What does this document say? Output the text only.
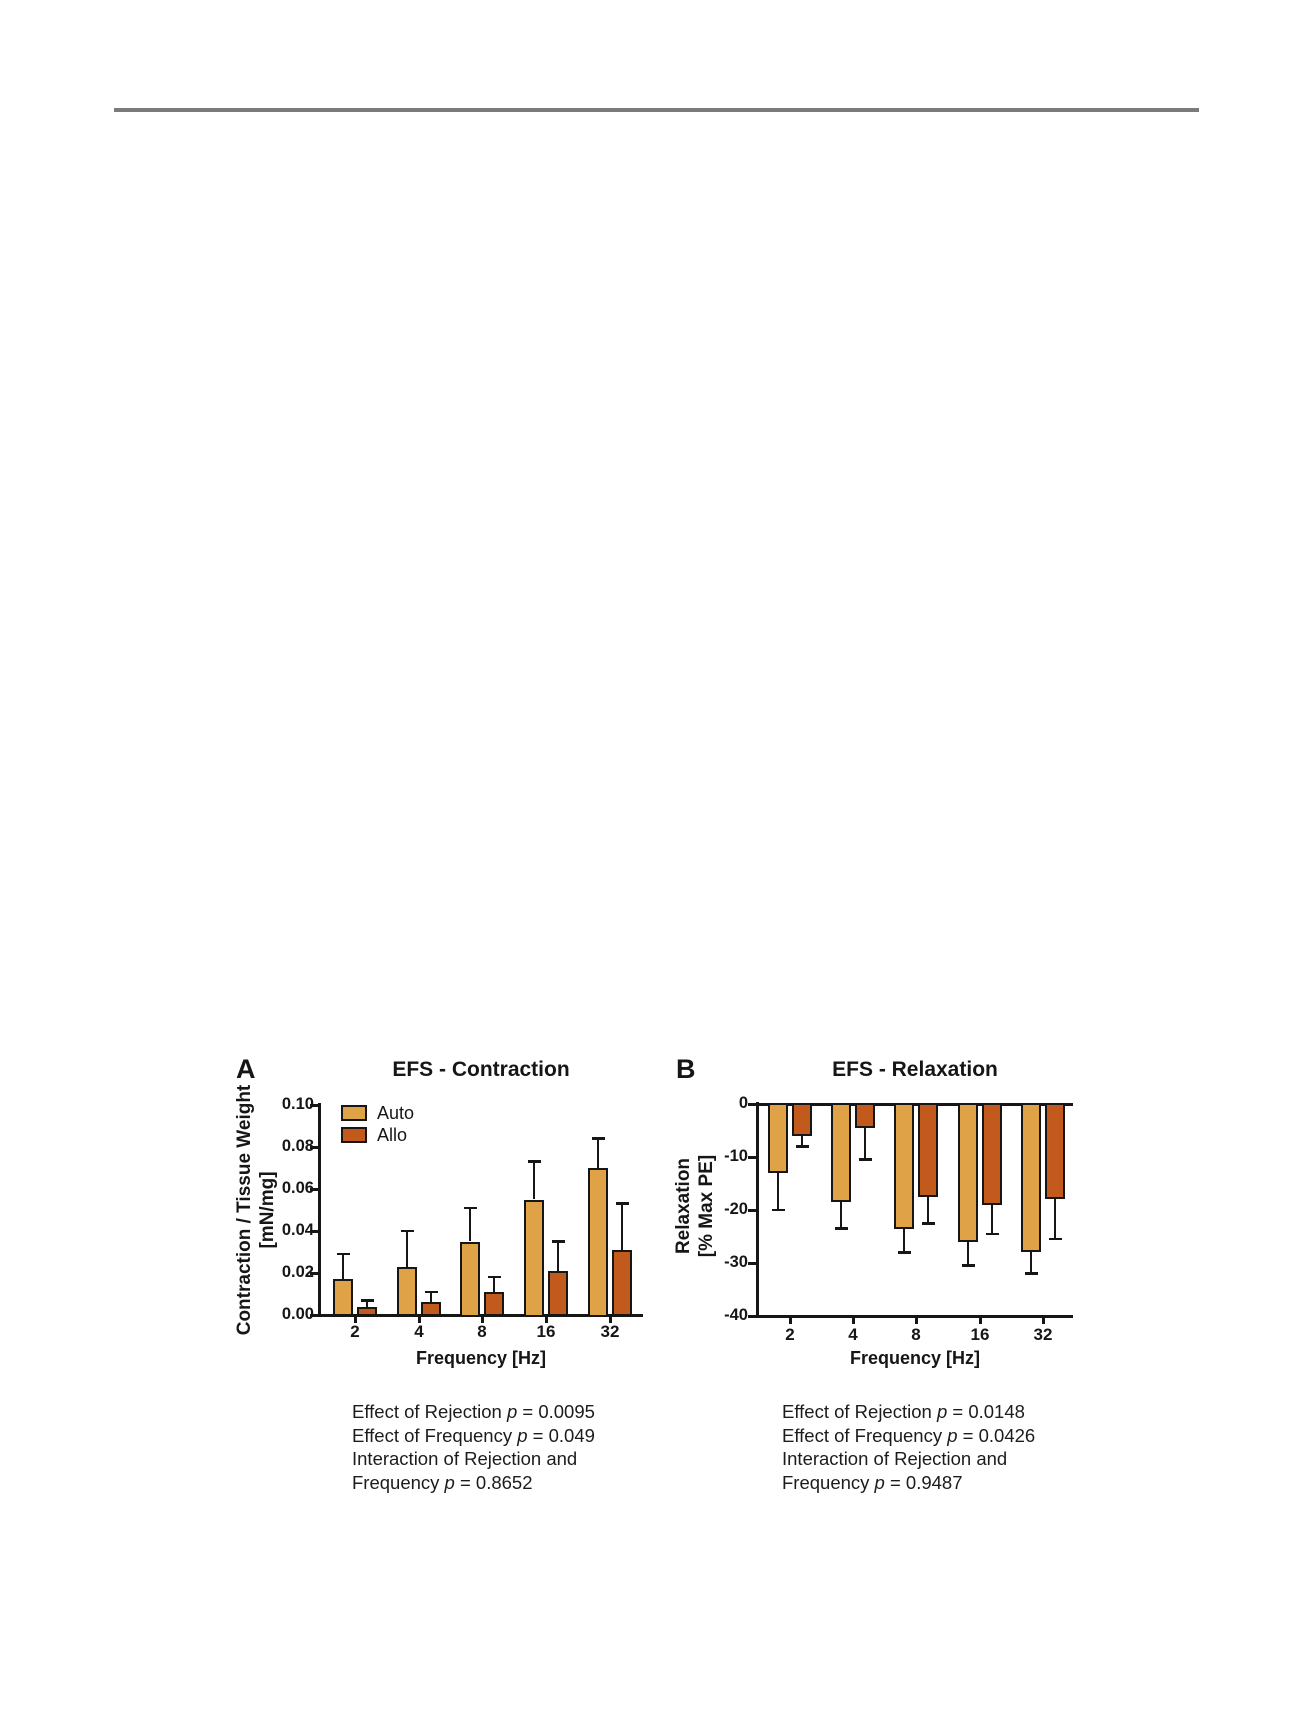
A	EFS - Contraction
Contraction / Tissue Weight [mN/mg]
Frequency [Hz]
Auto
Allo
B	EFS - Relaxation
Relaxation [% Max PE]
Frequency [Hz]
0.10
0.08
0.06
0.04
0.02
0.00
2	4	8	16	32
0
-10
-20
-30
-40
2	4	8	16	32
Effect of Rejection p = 0.0095
Effect of Frequency p = 0.049
Interaction of Rejection and
Frequency p = 0.8652
Effect of Rejection p = 0.0148
Effect of Frequency p = 0.0426
Interaction of Rejection and
Frequency p = 0.9487
